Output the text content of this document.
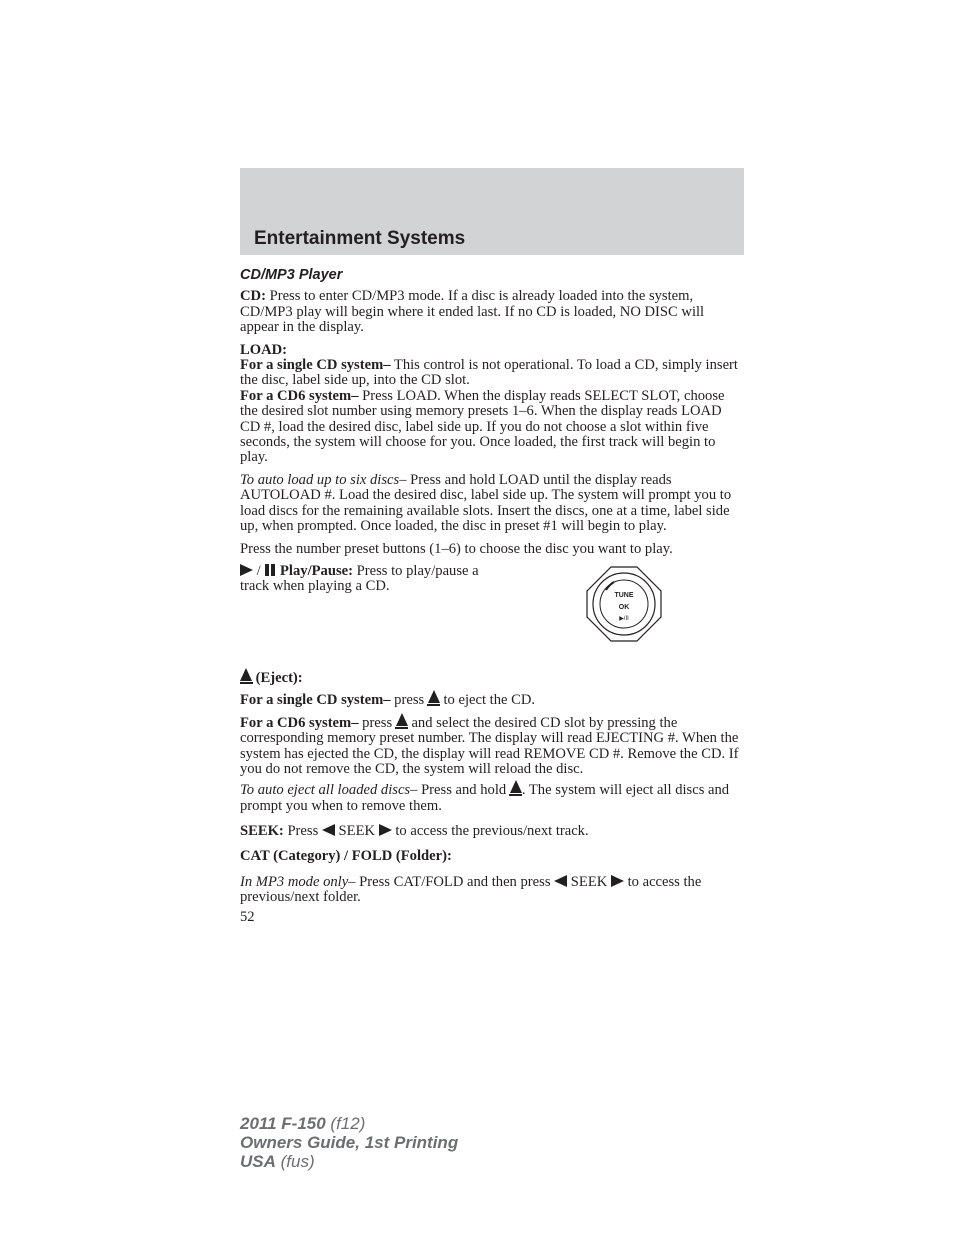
Entertainment Systems
CD/MP3 Player

CD: Press to enter CD/MP3 mode. If a disc is already loaded into the system, CD/MP3 play will begin where it ended last. If no CD is loaded, NO DISC will appear in the display.

LOAD:

For a single CD system– This control is not operational. To load a CD, simply insert the disc, label side up, into the CD slot.

For a CD6 system– Press LOAD. When the display reads SELECT SLOT, choose the desired slot number using memory presets 1–6. When the display reads LOAD CD #, load the desired disc, label side up. If you do not choose a slot within five seconds, the system will choose for you. Once loaded, the first track will begin to play.

To auto load up to six discs– Press and hold LOAD until the display reads AUTOLOAD #. Load the desired disc, label side up. The system will prompt you to load discs for the remaining available slots. Insert the discs, one at a time, label side up, when prompted. Once loaded, the disc in preset #1 will begin to play.

Press the number preset buttons (1–6) to choose the disc you want to play.

/  Play/Pause: Press to play/pause a track when playing a CD.
TUNE
OK
▶/II

(Eject):

For a single CD system– press  to eject the CD.

For a CD6 system– press  and select the desired CD slot by pressing the corresponding memory preset number. The display will read EJECTING #. When the system has ejected the CD, the display will read REMOVE CD #. Remove the CD. If you do not remove the CD, the system will reload the disc.

To auto eject all loaded discs– Press and hold . The system will eject all discs and prompt you when to remove them.

SEEK: Press  SEEK  to access the previous/next track.

CAT (Category) / FOLD (Folder):

In MP3 mode only– Press CAT/FOLD and then press  SEEK  to access the previous/next folder.

52
2011 F-150 (f12)
Owners Guide, 1st Printing
USA (fus)
